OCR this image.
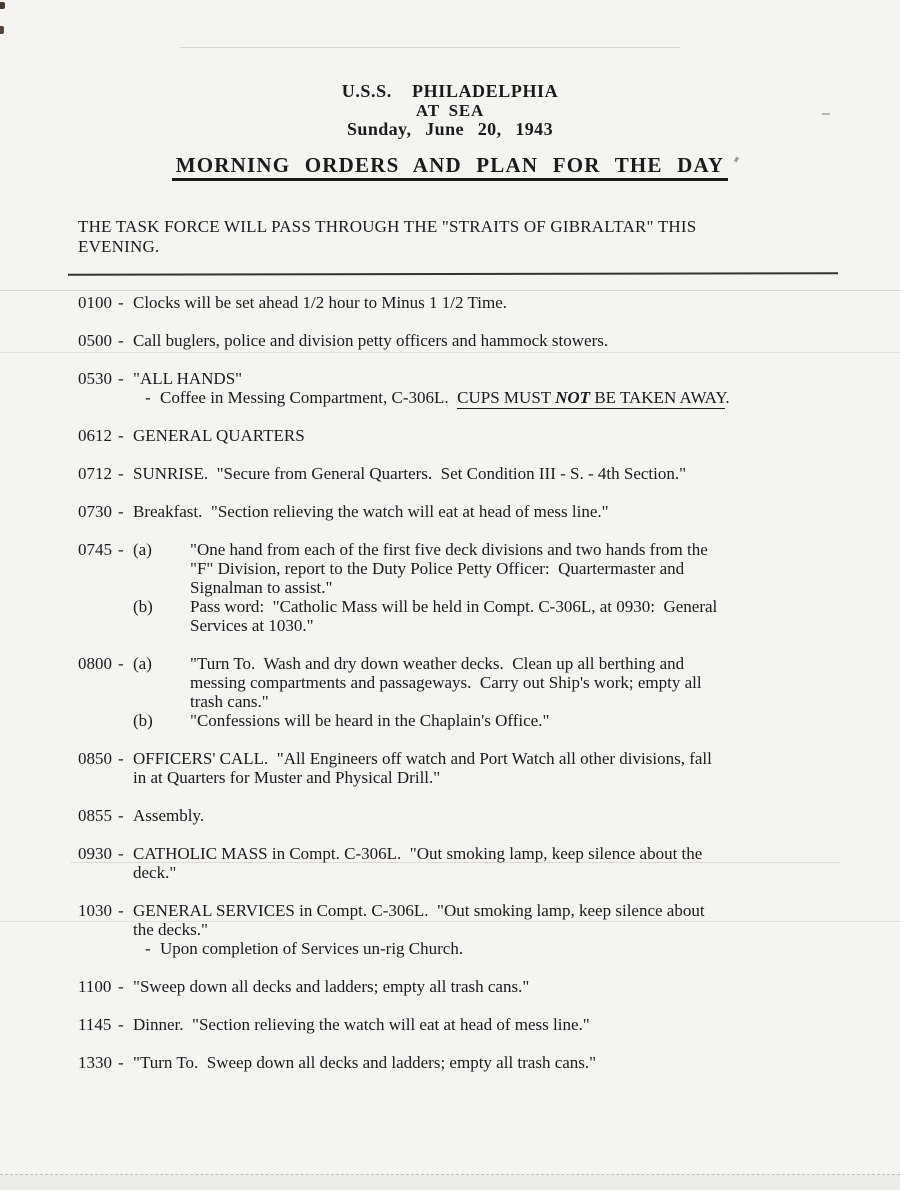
U.S.S.  PHILADELPHIA
AT SEA
Sunday, June 20, 1943
MORNING ORDERS AND PLAN FOR THE DAY
THE TASK FORCE WILL PASS THROUGH THE "STRAITS OF GIBRALTAR" THIS
EVENING.
0100 - Clocks will be set ahead 1/2 hour to Minus 1 1/2 Time.
0500 - Call buglers, police and division petty officers and hammock stowers.
0530 - "ALL HANDS"
- Coffee in Messing Compartment, C-306L.  CUPS MUST NOT BE TAKEN AWAY.
0612 - GENERAL QUARTERS
0712 - SUNRISE.  "Secure from General Quarters.  Set Condition III - S. - 4th Section."
0730 - Breakfast.  "Section relieving the watch will eat at head of mess line."
0745 - (a)	"One hand from each of the first five deck divisions and two hands from the
"F" Division, report to the Duty Police Petty Officer:  Quartermaster and
Signalman to assist."
(b)	Pass word:  "Catholic Mass will be held in Compt. C-306L, at 0930:  General
Services at 1030."
0800 - (a)	"Turn To.  Wash and dry down weather decks.  Clean up all berthing and
messing compartments and passageways.  Carry out Ship's work; empty all
trash cans."
(b)	"Confessions will be heard in the Chaplain's Office."
0850 - OFFICERS' CALL.  "All Engineers off watch and Port Watch all other divisions, fall
in at Quarters for Muster and Physical Drill."
0855 - Assembly.
0930 - CATHOLIC MASS in Compt. C-306L.  "Out smoking lamp, keep silence about the
deck."
1030 - GENERAL SERVICES in Compt. C-306L.  "Out smoking lamp, keep silence about
the decks."
- Upon completion of Services un-rig Church.
1100 - "Sweep down all decks and ladders; empty all trash cans."
1145 - Dinner.  "Section relieving the watch will eat at head of mess line."
1330 - "Turn To.  Sweep down all decks and ladders; empty all trash cans."
